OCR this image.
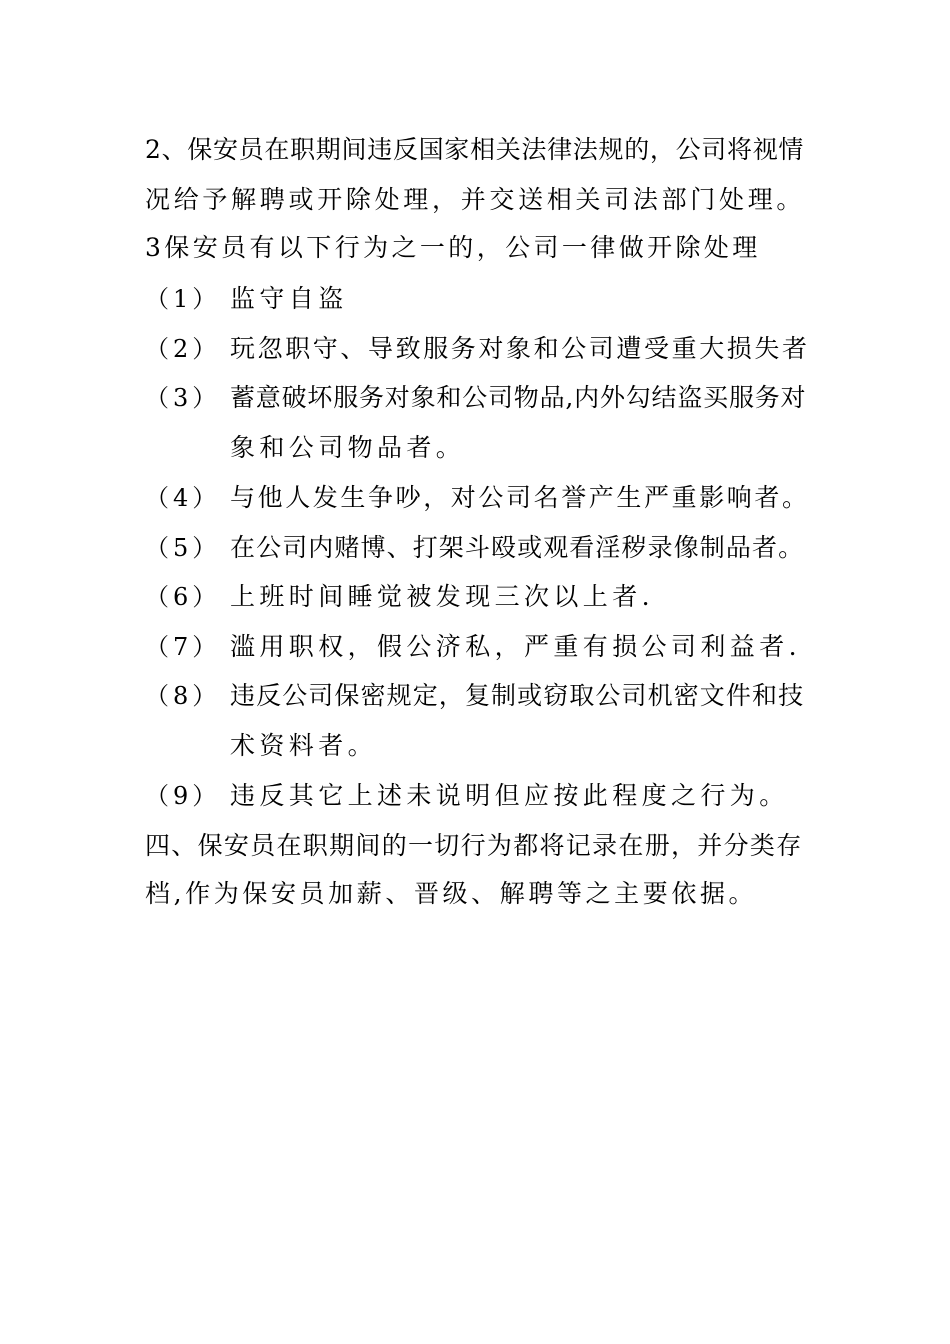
2、保安员在职期间违反国家相关法律法规的，公司将视情
况给予解聘或开除处理，并交送相关司法部门处理。
3保安员有以下行为之一的，公司一律做开除处理
（1） 监守自盗
（2） 玩忽职守、导致服务对象和公司遭受重大损失者
（3） 蓄意破坏服务对象和公司物品,内外勾结盗买服务对
象和公司物品者。
（4） 与他人发生争吵，对公司名誉产生严重影响者。
（5） 在公司内赌博、打架斗殴或观看淫秽录像制品者。
（6） 上班时间睡觉被发现三次以上者.
（7） 滥用职权，假公济私，严重有损公司利益者.
（8） 违反公司保密规定，复制或窃取公司机密文件和技
术资料者。
（9） 违反其它上述未说明但应按此程度之行为。
四、保安员在职期间的一切行为都将记录在册，并分类存
档,作为保安员加薪、晋级、解聘等之主要依据。
